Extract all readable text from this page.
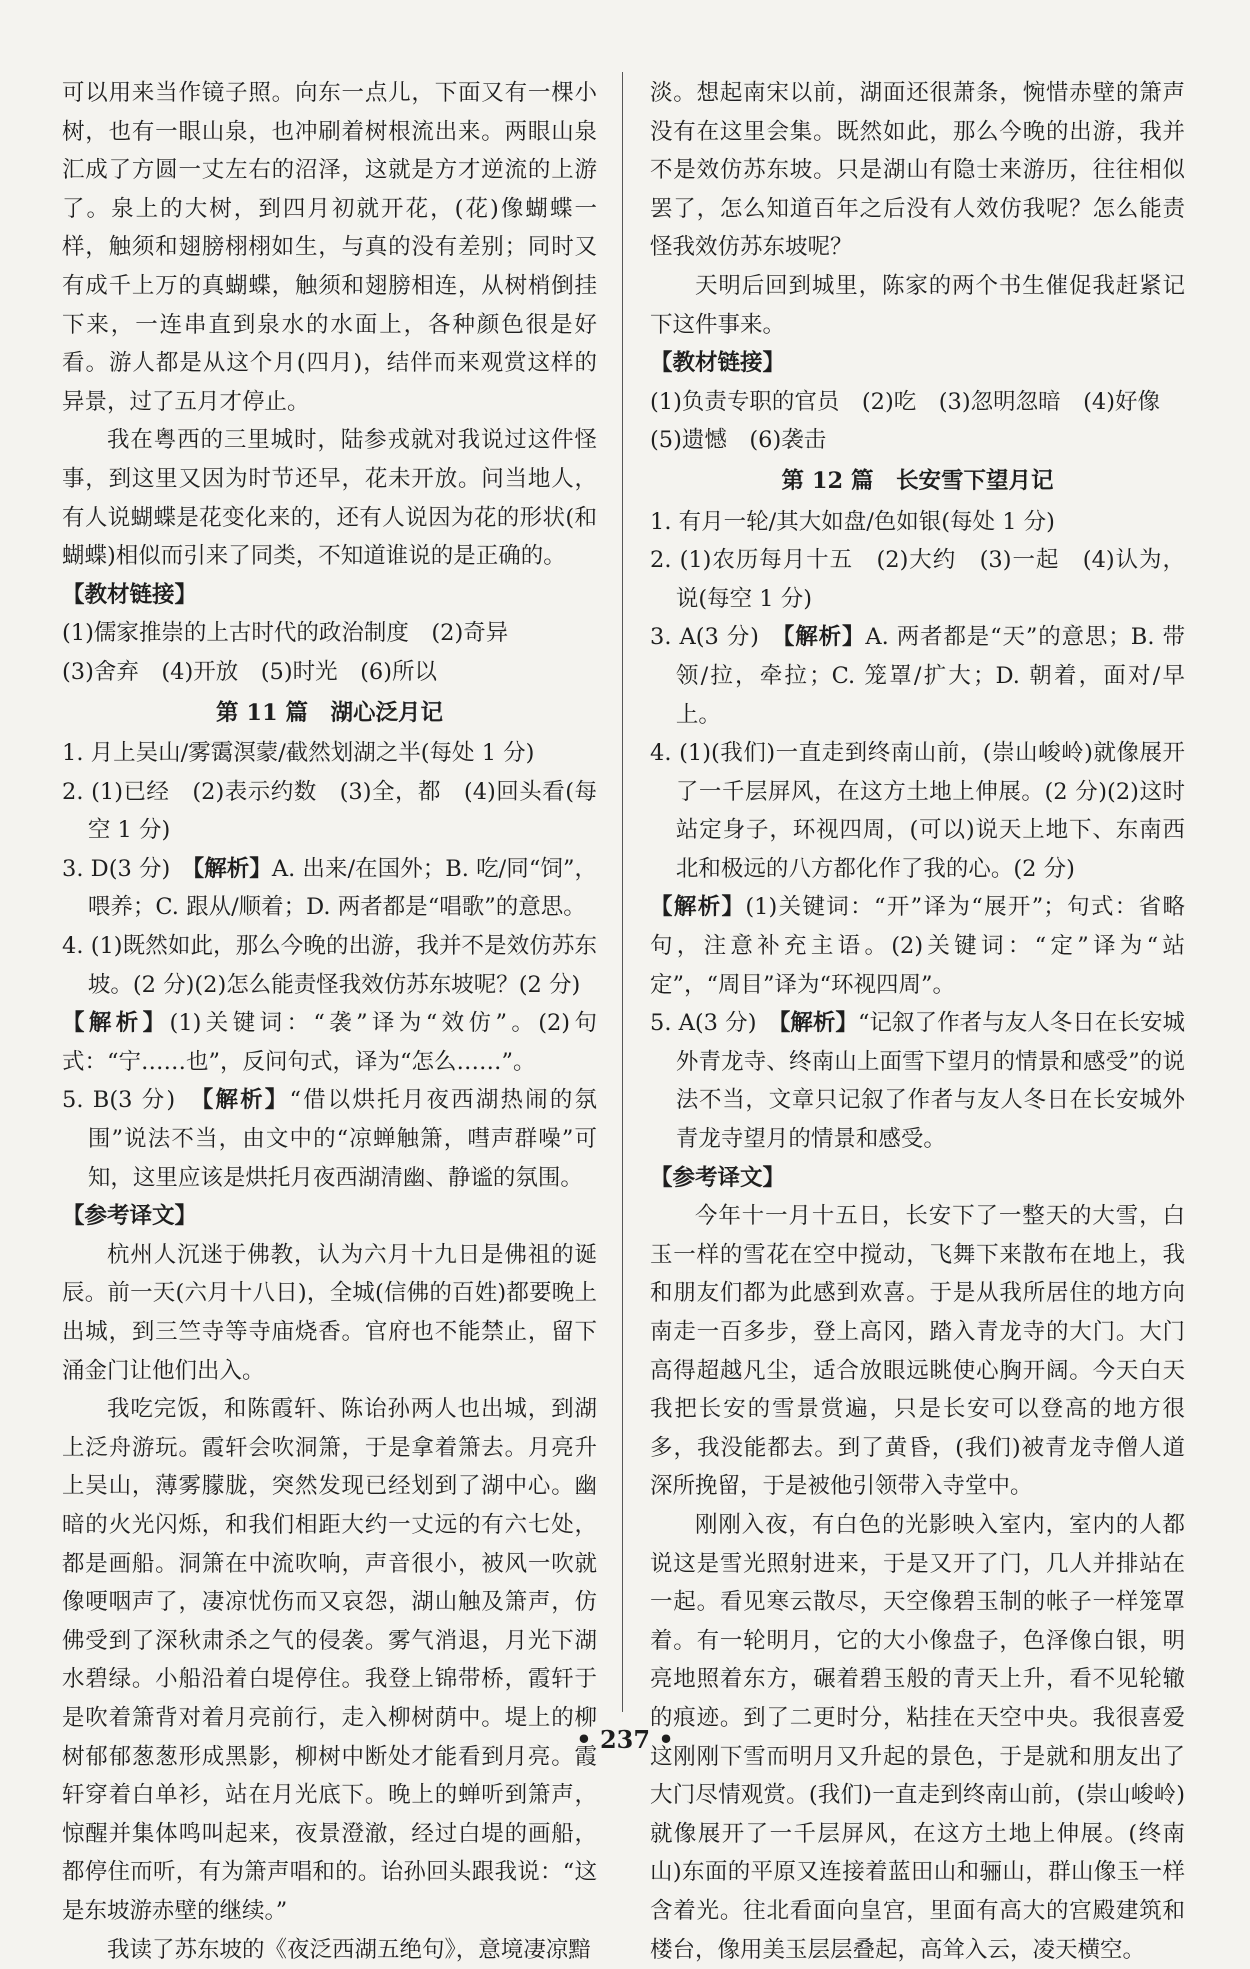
可以用来当作镜子照。向东一点儿，下面又有一棵小树，也有一眼山泉，也冲刷着树根流出来。两眼山泉汇成了方圆一丈左右的沼泽，这就是方才逆流的上游了。泉上的大树，到四月初就开花，(花)像蝴蝶一样，触须和翅膀栩栩如生，与真的没有差别；同时又有成千上万的真蝴蝶，触须和翅膀相连，从树梢倒挂下来，一连串直到泉水的水面上，各种颜色很是好看。游人都是从这个月(四月)，结伴而来观赏这样的异景，过了五月才停止。

我在粤西的三里城时，陆参戎就对我说过这件怪事，到这里又因为时节还早，花未开放。问当地人，有人说蝴蝶是花变化来的，还有人说因为花的形状(和蝴蝶)相似而引来了同类，不知道谁说的是正确的。

【教材链接】

(1)儒家推崇的上古时代的政治制度　(2)奇异

(3)舍弃　(4)开放　(5)时光　(6)所以

第 11 篇　湖心泛月记

1. 月上吴山/雾霭溟蒙/截然划湖之半(每处 1 分)

2. (1)已经　(2)表示约数　(3)全，都　(4)回头看(每空 1 分)

3. D(3 分)　【解析】A. 出来/在国外；B. 吃/同“饲”，喂养；C. 跟从/顺着；D. 两者都是“唱歌”的意思。

4. (1)既然如此，那么今晚的出游，我并不是效仿苏东坡。(2 分)(2)怎么能责怪我效仿苏东坡呢？(2 分)

【解析】(1)关键词：“袭”译为“效仿”。(2)句式：“宁……也”，反问句式，译为“怎么……”。

5. B(3 分)　【解析】“借以烘托月夜西湖热闹的氛围”说法不当，由文中的“凉蝉触箫，嘒声群噪”可知，这里应该是烘托月夜西湖清幽、静谧的氛围。

【参考译文】

杭州人沉迷于佛教，认为六月十九日是佛祖的诞辰。前一天(六月十八日)，全城(信佛的百姓)都要晚上出城，到三竺寺等寺庙烧香。官府也不能禁止，留下涌金门让他们出入。

我吃完饭，和陈霞轩、陈诒孙两人也出城，到湖上泛舟游玩。霞轩会吹洞箫，于是拿着箫去。月亮升上吴山，薄雾朦胧，突然发现已经划到了湖中心。幽暗的火光闪烁，和我们相距大约一丈远的有六七处，都是画船。洞箫在中流吹响，声音很小，被风一吹就像哽咽声了，凄凉忧伤而又哀怨，湖山触及箫声，仿佛受到了深秋肃杀之气的侵袭。雾气消退，月光下湖水碧绿。小船沿着白堤停住。我登上锦带桥，霞轩于是吹着箫背对着月亮前行，走入柳树荫中。堤上的柳树郁郁葱葱形成黑影，柳树中断处才能看到月亮。霞轩穿着白单衫，站在月光底下。晚上的蝉听到箫声，惊醒并集体鸣叫起来，夜景澄澈，经过白堤的画船，都停住而听，有为箫声唱和的。诒孙回头跟我说：“这是东坡游赤壁的继续。”

我读了苏东坡的《夜泛西湖五绝句》，意境凄凉黯

淡。想起南宋以前，湖面还很萧条，惋惜赤壁的箫声没有在这里会集。既然如此，那么今晚的出游，我并不是效仿苏东坡。只是湖山有隐士来游历，往往相似罢了，怎么知道百年之后没有人效仿我呢？怎么能责怪我效仿苏东坡呢？

天明后回到城里，陈家的两个书生催促我赶紧记下这件事来。

【教材链接】

(1)负责专职的官员　(2)吃　(3)忽明忽暗　(4)好像

(5)遗憾　(6)袭击

第 12 篇　长安雪下望月记

1. 有月一轮/其大如盘/色如银(每处 1 分)

2. (1)农历每月十五　(2)大约　(3)一起　(4)认为，说(每空 1 分)

3. A(3 分)　【解析】A. 两者都是“天”的意思；B. 带领/拉，牵拉；C. 笼罩/扩大；D. 朝着，面对/早上。

4. (1)(我们)一直走到终南山前，(崇山峻岭)就像展开了一千层屏风，在这方土地上伸展。(2 分)(2)这时站定身子，环视四周，(可以)说天上地下、东南西北和极远的八方都化作了我的心。(2 分)

【解析】(1)关键词：“开”译为“展开”；句式：省略句，注意补充主语。(2)关键词：“定”译为“站定”，“周目”译为“环视四周”。

5. A(3 分)　【解析】“记叙了作者与友人冬日在长安城外青龙寺、终南山上面雪下望月的情景和感受”的说法不当，文章只记叙了作者与友人冬日在长安城外青龙寺望月的情景和感受。

【参考译文】

今年十一月十五日，长安下了一整天的大雪，白玉一样的雪花在空中搅动，飞舞下来散布在地上，我和朋友们都为此感到欢喜。于是从我所居住的地方向南走一百多步，登上高冈，踏入青龙寺的大门。大门高得超越凡尘，适合放眼远眺使心胸开阔。今天白天我把长安的雪景赏遍，只是长安可以登高的地方很多，我没能都去。到了黄昏，(我们)被青龙寺僧人道深所挽留，于是被他引领带入寺堂中。

刚刚入夜，有白色的光影映入室内，室内的人都说这是雪光照射进来，于是又开了门，几人并排站在一起。看见寒云散尽，天空像碧玉制的帐子一样笼罩着。有一轮明月，它的大小像盘子，色泽像白银，明亮地照着东方，碾着碧玉般的青天上升，看不见轮辙的痕迹。到了二更时分，粘挂在天空中央。我很喜爱这刚刚下雪而明月又升起的景色，于是就和朋友出了大门尽情观赏。(我们)一直走到终南山前，(崇山峻岭)就像展开了一千层屏风，在这方土地上伸展。(终南山)东面的平原又连接着蓝田山和骊山，群山像玉一样含着光。往北看面向皇宫，里面有高大的宫殿建筑和楼台，像用美玉层层叠起，高耸入云，凌天横空。

• 237 •
